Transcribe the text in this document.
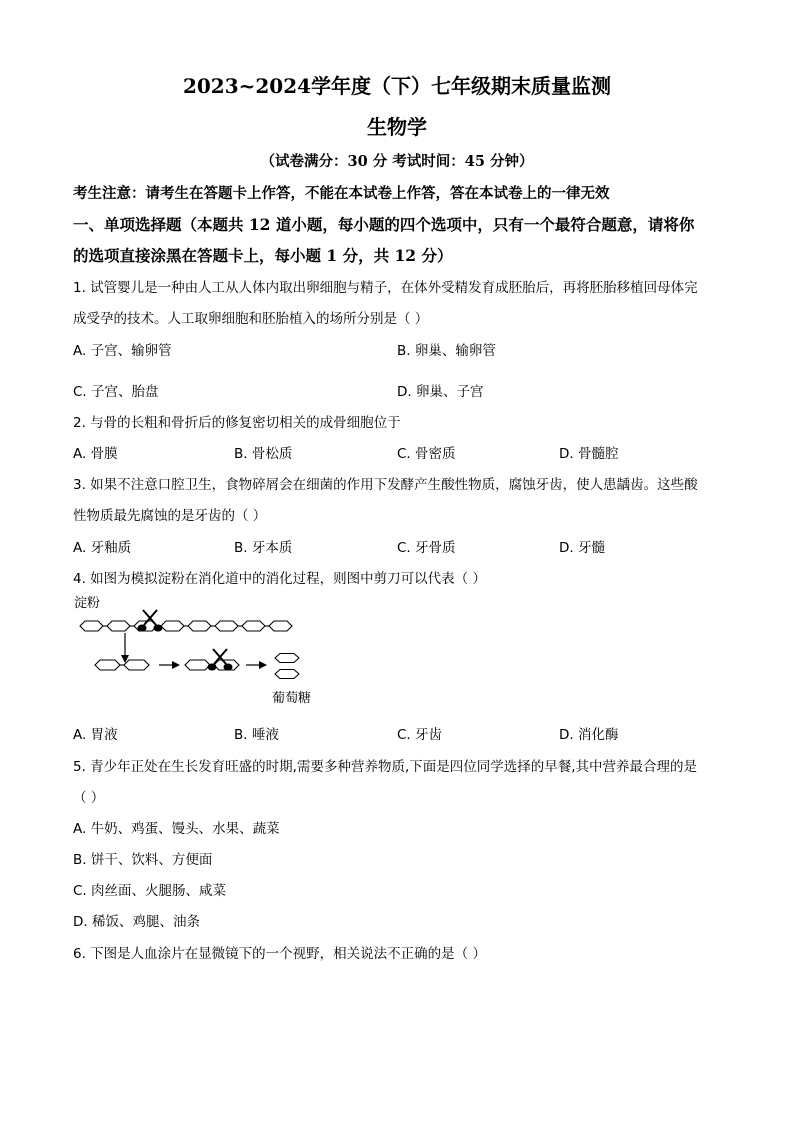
2023~2024学年度（下）七年级期末质量监测
生物学
（试卷满分：30 分 考试时间：45 分钟）
考生注意：请考生在答题卡上作答，不能在本试卷上作答，答在本试卷上的一律无效
一、单项选择题（本题共 12 道小题，每小题的四个选项中，只有一个最符合题意，请将你
的选项直接涂黑在答题卡上，每小题 1 分，共 12 分）
1. 试管婴儿是一种由人工从人体内取出卵细胞与精子，在体外受精发育成胚胎后，再将胚胎移植回母体完
成受孕的技术。人工取卵细胞和胚胎植入的场所分别是（ ）
A. 子宫、输卵管	B. 卵巢、输卵管
C. 子宫、胎盘	D. 卵巢、子宫
2. 与骨的长粗和骨折后的修复密切相关的成骨细胞位于
A. 骨膜	B. 骨松质	C. 骨密质	D. 骨髓腔
3. 如果不注意口腔卫生，食物碎屑会在细菌的作用下发酵产生酸性物质，腐蚀牙齿，使人患龋齿。这些酸
性物质最先腐蚀的是牙齿的（ ）
A. 牙釉质	B. 牙本质	C. 牙骨质	D. 牙髓
4. 如图为模拟淀粉在消化道中的消化过程，则图中剪刀可以代表（ ）
淀粉
葡萄糖
A. 胃液	B. 唾液	C. 牙齿	D. 消化酶
5. 青少年正处在生长发育旺盛的时期,需要多种营养物质,下面是四位同学选择的早餐,其中营养最合理的是
（ ）
A. 牛奶、鸡蛋、馒头、水果、蔬菜
B. 饼干、饮料、方便面
C. 肉丝面、火腿肠、咸菜
D. 稀饭、鸡腿、油条
6. 下图是人血涂片在显微镜下的一个视野，相关说法不正确的是（ ）
